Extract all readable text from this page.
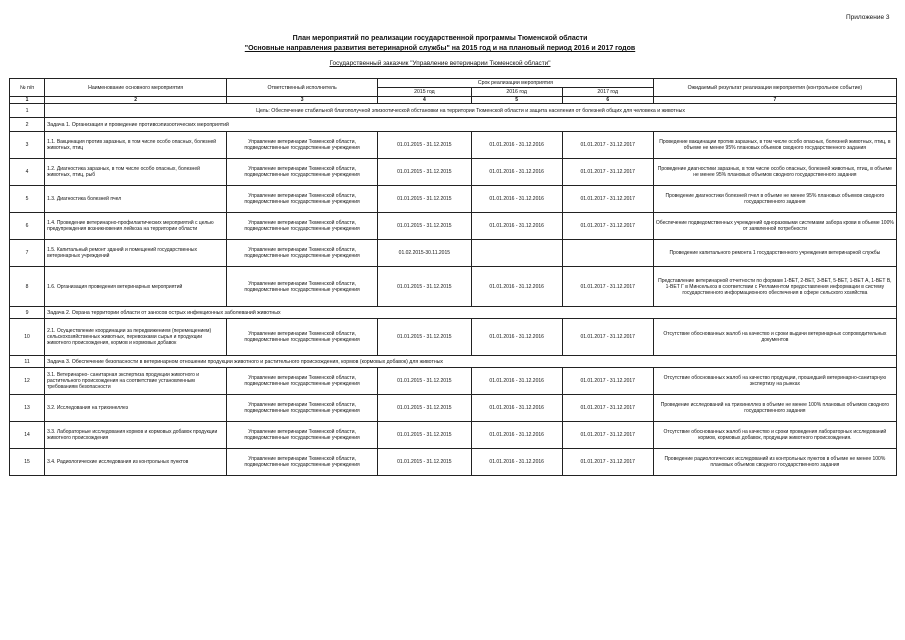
Приложение 3
План мероприятий по реализации государственной программы Тюменской области
"Основные направления развития ветеринарной службы" на 2015 год и на плановый период 2016 и 2017 годов
Государственный заказчик "Управление ветеринарии Тюменской области"
№ п/п	Наименование основного мероприятия	Ответственный исполнитель	Срок реализации мероприятия			Ожидаемый результат реализации мероприятия (контрольное событие)
			2015 год	2016 год	2017 год	
1	2	3	4	5	6	7
1	Цель: Обеспечение стабильной благополучной эпизоотической обстановки на территории Тюменской области и защита населения от болезней общих для человека и животных					
2	Задача 1. Организация и проведение противоэпизоотических мероприятий					
3	1.1. Вакцинация против заразных, в том числе особо опасных, болезней животных, птиц	Управление ветеринарии Тюменской области, подведомственные государственные учреждения	01.01.2015 - 31.12.2015	01.01.2016 - 31.12.2016	01.01.2017 - 31.12.2017	Проведение вакцинации против заразных, в том числе особо опасных, болезней животных, птиц, в объеме не менее 95% плановых объемов сводного государственного задания
4	1.2. Диагностика заразных, в том числе особо опасных, болезней животных, птиц, рыб	Управление ветеринарии Тюменской области, подведомственные государственные учреждения	01.01.2015 - 31.12.2015	01.01.2016 - 31.12.2016	01.01.2017 - 31.12.2017	Проведение диагностики заразных, в том числе особо опасных, болезней животных, птиц, в объеме не менее 95% плановых объемов сводного государственного задания
5	1.3. Диагностика болезней пчел	Управление ветеринарии Тюменской области, подведомственные государственные учреждения	01.01.2015 - 31.12.2015	01.01.2016 - 31.12.2016	01.01.2017 - 31.12.2017	Проведение диагностики болезней пчел в объеме не менее 95% плановых объемов сводного государственного задания
6	1.4. Проведение ветеринарно-профилактических мероприятий с целью предупреждения возникновения лейкоза на территории области	Управление ветеринарии Тюменской области, подведомственные государственные учреждения	01.01.2015 - 31.12.2015	01.01.2016 - 31.12.2016	01.01.2017 - 31.12.2017	Обеспечение подведомственных учреждений одноразовыми системами забора крови в объеме 100% от заявленной потребности
7	1.5. Капитальный ремонт зданий и помещений государственных ветеринарных учреждений	Управление ветеринарии Тюменской области, подведомственные государственные учреждения	01.02.2015-30.11.2015			Проведение капитального ремонта 1 государственного учреждения ветеринарной службы
8	1.6. Организация проведения ветеринарных мероприятий	Управление ветеринарии Тюменской области, подведомственные государственные учреждения	01.01.2015 - 31.12.2015	01.01.2016 - 31.12.2016	01.01.2017 - 31.12.2017	Представление ветеринарной отчетности по формам 1-ВЕТ, 2-ВЕТ, 3-ВЕТ, 5-ВЕТ, 1-ВЕТ А, 1-ВЕТ В, 1-ВЕТ Г в Минсельхоз в соответствии с Регламентом предоставления информации в систему государственного информационного обеспечения в сфере сельского хозяйства
9	Задача 2. Охрана территории области от заносов острых инфекционных заболеваний животных					
10	2.1. Осуществление координации за передвижением (перемещением) сельскохозяйственных животных, перевозками сырья и продукции животного происхождения, кормов и кормовых добавок	Управление ветеринарии Тюменской области, подведомственные государственные учреждения	01.01.2015 - 31.12.2015	01.01.2016 - 31.12.2016	01.01.2017 - 31.12.2017	Отсутствие обоснованных жалоб на качество и сроки выдачи ветеринарных сопроводительных документов
11	Задача 3. Обеспечение безопасности в ветеринарном отношении продукции животного и растительного происхождения, кормов (кормовых добавок) для животных					
12	3.1. Ветеринарно- санитарная экспертиза продукции животного и растительного происхождения на соответствие установленным требованиям безопасности	Управление ветеринарии Тюменской области, подведомственные государственные учреждения	01.01.2015 - 31.12.2015	01.01.2016 - 31.12.2016	01.01.2017 - 31.12.2017	Отсутствие обоснованных жалоб на качество продукции, прошедшей ветеринарно-санитарную экспертизу на рынках
13	3.2. Исследования на трихинеллез	Управление ветеринарии Тюменской области, подведомственные государственные учреждения	01.01.2015 - 31.12.2015	01.01.2016 - 31.12.2016	01.01.2017 - 31.12.2017	Проведение исследований на трихинеллез в объеме не менее 100% плановых объемов сводного государственного задания
14	3.3. Лабораторные исследования кормов и кормовых добавок продукции животного происхождения	Управление ветеринарии Тюменской области, подведомственные государственные учреждения	01.01.2015 - 31.12.2015	01.01.2016 - 31.12.2016	01.01.2017 - 31.12.2017	Отсутствие обоснованных жалоб на качество и сроки проведения лабораторных исследований кормов, кормовых добавок, продукции животного происхождения.
15	3.4. Радиологические исследования из контрольных пунктов	Управление ветеринарии Тюменской области, подведомственные государственные учреждения	01.01.2015 - 31.12.2015	01.01.2016 - 31.12.2016	01.01.2017 - 31.12.2017	Проведение радиологических исследований из контрольных пунктов в объеме не менее 100% плановых объемов сводного государственного задания
